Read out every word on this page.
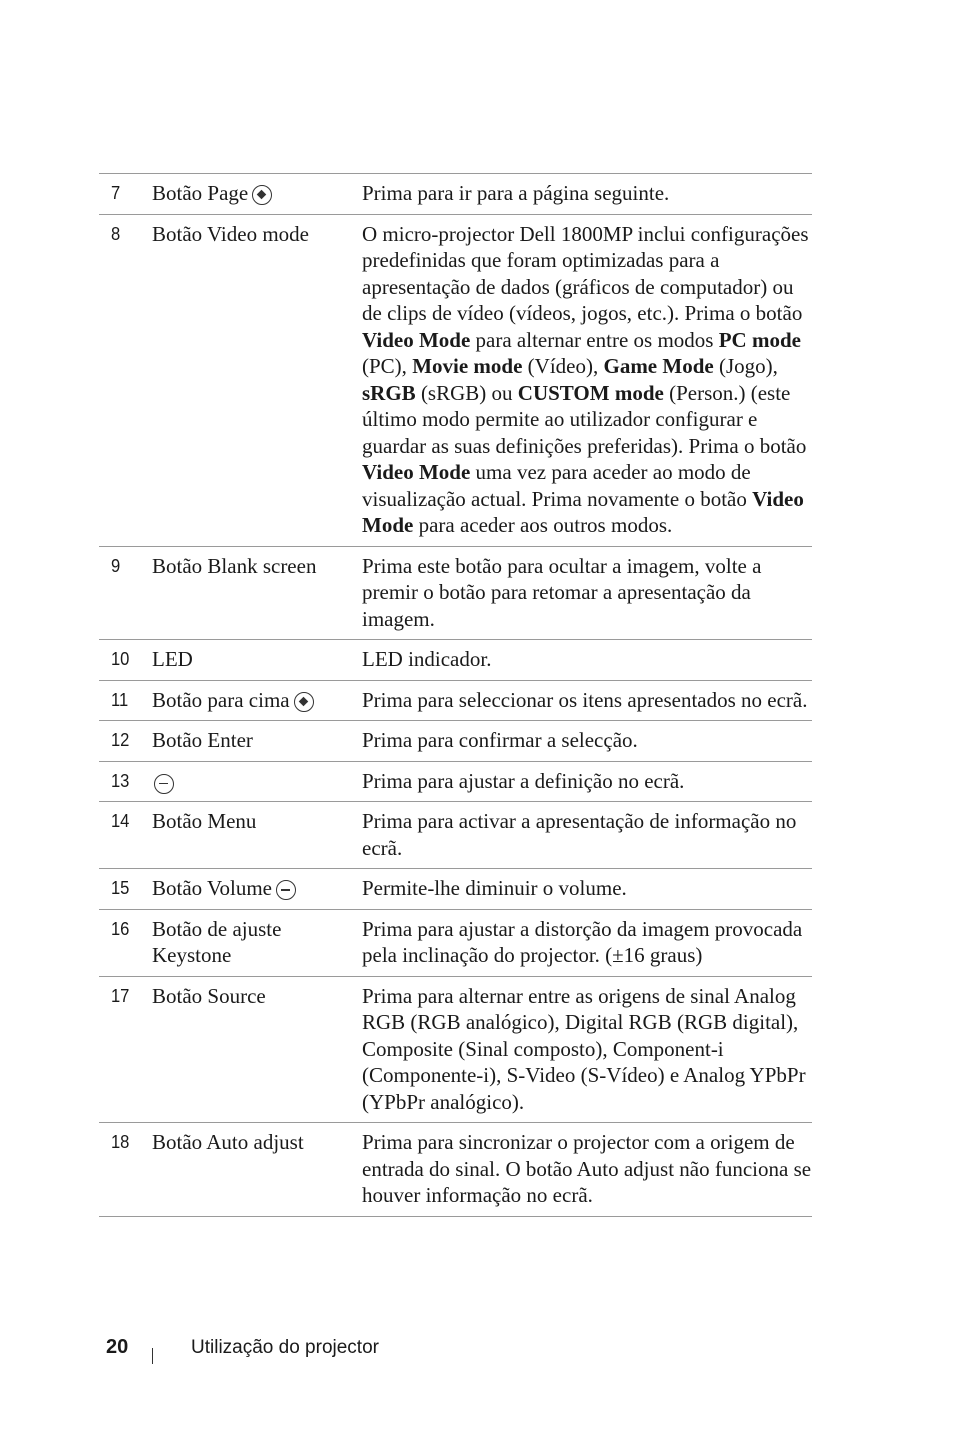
7	Botão Page	Prima para ir para a página seguinte.
8	Botão Video mode	O micro-projector Dell 1800MP inclui configurações predefinidas que foram optimizadas para a apresentação de dados (gráficos de computador) ou de clips de vídeo (vídeos, jogos, etc.). Prima o botão Video Mode para alternar entre os modos PC mode (PC), Movie mode (Vídeo), Game Mode (Jogo), sRGB (sRGB) ou CUSTOM mode (Person.) (este último modo permite ao utilizador configurar e guardar as suas definições preferidas). Prima o botão Video Mode uma vez para aceder ao modo de visualização actual. Prima novamente o botão Video Mode para aceder aos outros modos.
9	Botão Blank screen	Prima este botão para ocultar a imagem, volte a premir o botão para retomar a apresentação da imagem.
10	LED	LED indicador.
11	Botão para cima	Prima para seleccionar os itens apresentados no ecrã.
12	Botão Enter	Prima para confirmar a selecção.
13		Prima para ajustar a definição no ecrã.
14	Botão Menu	Prima para activar a apresentação de informação no ecrã.
15	Botão Volume	Permite-lhe diminuir o volume.
16	Botão de ajuste Keystone	Prima para ajustar a distorção da imagem provocada pela inclinação do projector. (±16 graus)
17	Botão Source	Prima para alternar entre as origens de sinal Analog RGB (RGB analógico), Digital RGB (RGB digital), Composite (Sinal composto), Component-i (Componente-i), S-Video (S-Vídeo) e Analog YPbPr (YPbPr analógico).
18	Botão Auto adjust	Prima para sincronizar o projector com a origem de entrada do sinal. O botão Auto adjust não funciona se houver informação no ecrã.
20	Utilização do projector
